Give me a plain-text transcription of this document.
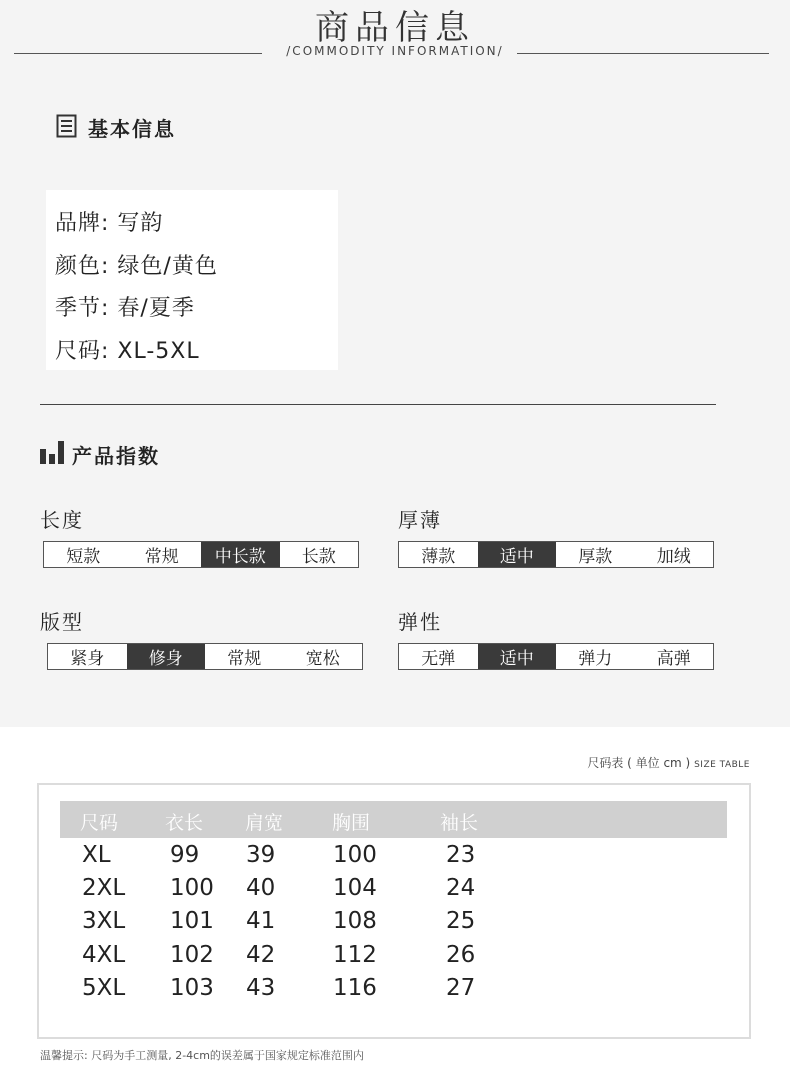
商品信息
/COMMODITY INFORMATION/
基本信息
品牌: 写韵
颜色: 绿色/黄色
季节: 春/夏季
尺码: XL-5XL
产品指数
长度
短款	常规	中长款	长款
厚薄
薄款	适中	厚款	加绒
版型
紧身	修身	常规	宽松
弹性
无弹	适中	弹力	高弹
尺码表 ( 单位 cm ) SIZE TABLE
尺码 衣长 肩宽	胸围	袖长
XL	99 39	100	23
2XL 100 40	104	24
3XL 101 41	108	25
4XL 102 42	112	26
5XL 103 43	116	27
温馨提示: 尺码为手工测量, 2-4cm的误差属于国家规定标准范围内
